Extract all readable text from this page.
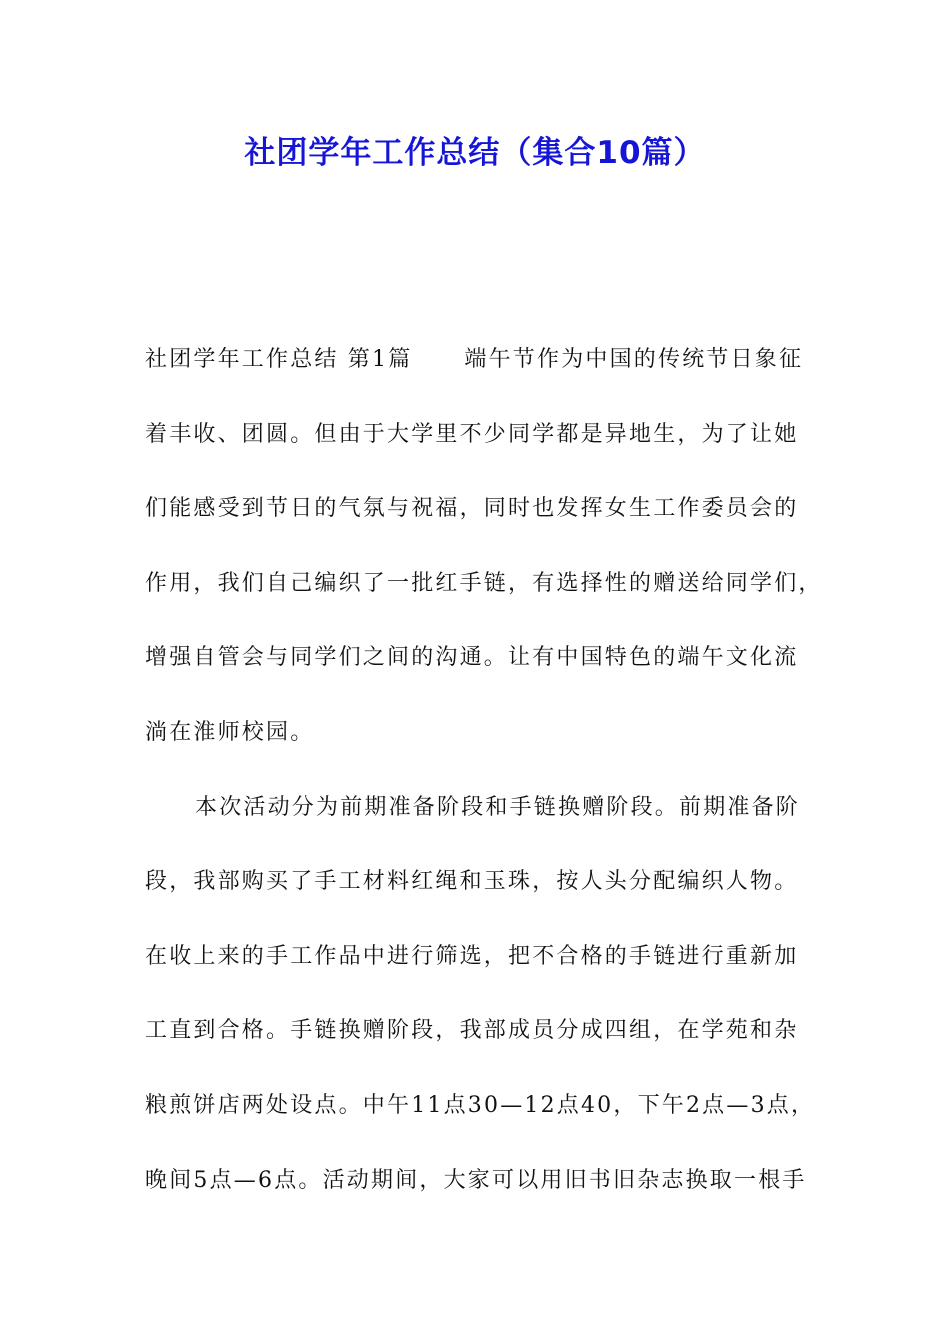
社团学年工作总结（集合10篇）
社团学年工作总结 第1篇 端午节作为中国的传统节日象征
着丰收、团圆。但由于大学里不少同学都是异地生，为了让她
们能感受到节日的气氛与祝福，同时也发挥女生工作委员会的
作用，我们自己编织了一批红手链，有选择性的赠送给同学们，
增强自管会与同学们之间的沟通。让有中国特色的端午文化流
淌在淮师校园。
本次活动分为前期准备阶段和手链换赠阶段。前期准备阶
段，我部购买了手工材料红绳和玉珠，按人头分配编织人物。
在收上来的手工作品中进行筛选，把不合格的手链进行重新加
工直到合格。手链换赠阶段，我部成员分成四组，在学苑和杂
粮煎饼店两处设点。中午11点30—12点40，下午2点—3点，
晚间5点—6点。活动期间，大家可以用旧书旧杂志换取一根手
